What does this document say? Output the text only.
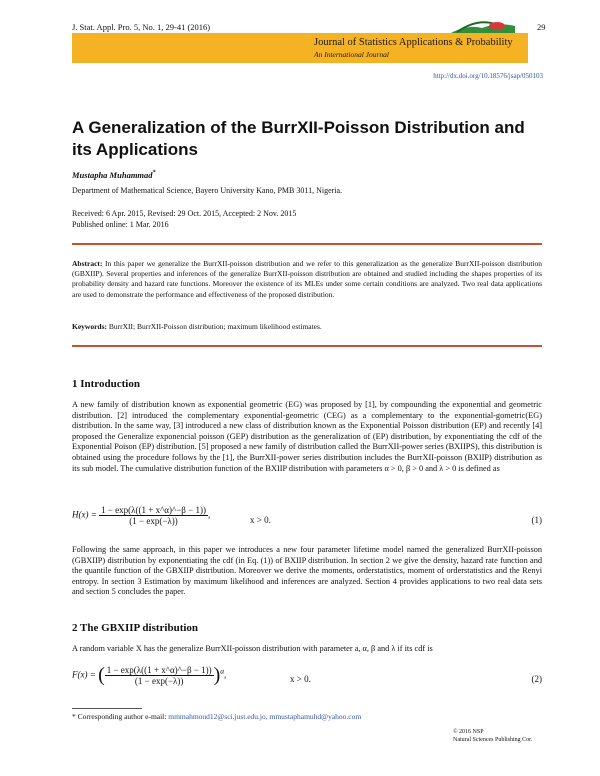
J. Stat. Appl. Pro. 5, No. 1, 29-41 (2016)	29
Journal of Statistics Applications & Probability
An International Journal
http://dx.doi.org/10.18576/jsap/050103
A Generalization of the BurrXII-Poisson Distribution and its Applications
Mustapha Muhammad*
Department of Mathematical Science, Bayero University Kano, PMB 3011, Nigeria.
Received: 6 Apr. 2015, Revised: 29 Oct. 2015, Accepted: 2 Nov. 2015
Published online: 1 Mar. 2016
Abstract: In this paper we generalize the BurrXII-poisson distribution and we refer to this generalization as the generalize BurrXII-poisson distribution (GBXIIP). Several properties and inferences of the generalize BurrXII-poisson distribution are obtained and studied including the shapes properties of its probability density and hazard rate functions. Moreover the existence of its MLEs under some certain conditions are analyzed. Two real data applications are used to demonstrate the performance and effectiveness of the proposed distribution.
Keywords: BurrXII; BurrXII-Poisson distribution; maximum likelihood estimates.
1 Introduction
A new family of distribution known as exponential geometric (EG) was proposed by [1], by compounding the exponential and geometric distribution. [2] introduced the complementary exponential-geometric (CEG) as a complementary to the exponential-gometric(EG) distribution. In the same way, [3] introduced a new class of distribution known as the Exponential Poisson distribution (EP) and recently [4] proposed the Generalize exponencial poisson (GEP) distribution as the generalization of (EP) distribution, by exponentiating the cdf of the Exponential Poison (EP) distribution. [5] proposed a new family of distribution called the BurrXII-power series (BXIIPS), this distribution is obtained using the procedure follows by the [1], the BurrXII-power series distribution includes the BurrXII-poisson (BXIIP) distribution as its sub model. The cumulative distribution function of the BXIIP distribution with parameters α > 0, β > 0 and λ > 0 is defined as
$H(x) = \frac{1 - \exp(\lambda((1 + x\^{}\alpha)\^{}-\beta - 1))}{(1 - \exp(-\lambda))}$ ,
x > 0.	(1)
Following the same approach, in this paper we introduces a new four parameter lifetime model named the generalized BurrXII-poisson (GBXIIP) distribution by exponentiating the cdf (in Eq. (1)) of BXIIP distribution. In section 2 we give the density, hazard rate function and the quantile function of the GBXIIP distribution. Moreover we derive the moments, orderstatistics, moment of orderstatistics and the Renyi entropy. In section 3 Estimation by maximum likelihood and inferences are analyzed. Section 4 provides applications to two real data sets and section 5 concludes the paper.
2 The GBXIIP distribution
A random variable X has the generalize BurrXII-poisson distribution with parameter a, α, β and λ if its cdf is
F(x) = ( $\frac{1 - \exp(\lambda((1 + x\^{}\alpha)\^{}-\beta - 1))}{(1 - \exp(-\lambda))} )^a$,	x > 0.	(2)
* Corresponding author e-mail: mmmahmoud12@sci.just.edu.jo, mmustaphamuhd@yahoo.com
© 2016 NSP
Natural Sciences Publishing Cor.
